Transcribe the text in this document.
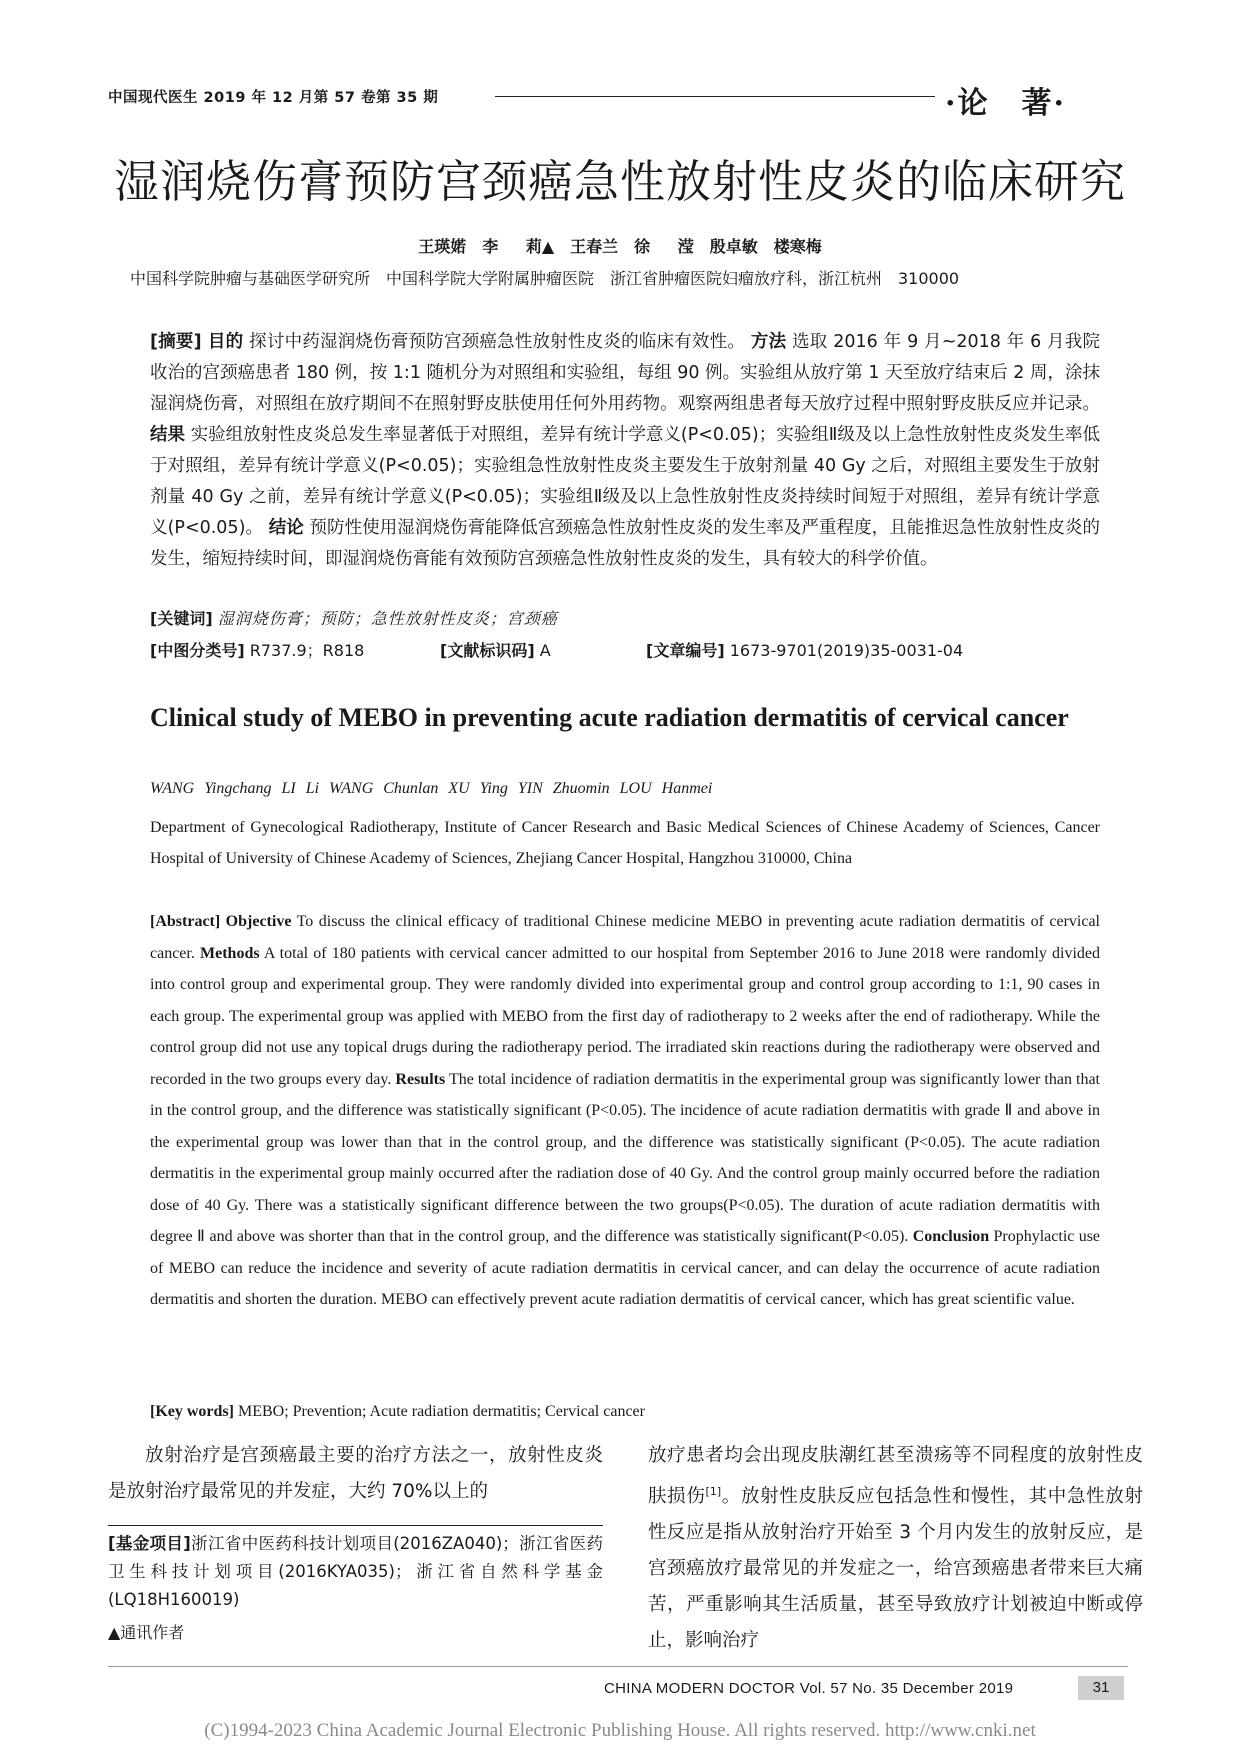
中国现代医生 2019 年 12 月第 57 卷第 35 期	·论　著·
湿润烧伤膏预防宫颈癌急性放射性皮炎的临床研究
王瑛婼　李 莉▲　王春兰　徐 滢　殷卓敏　楼寒梅
中国科学院肿瘤与基础医学研究所　中国科学院大学附属肿瘤医院　浙江省肿瘤医院妇瘤放疗科，浙江杭州　310000
[摘要] 目的 探讨中药湿润烧伤膏预防宫颈癌急性放射性皮炎的临床有效性。 方法 选取 2016 年 9 月~2018 年 6 月我院收治的宫颈癌患者 180 例，按 1:1 随机分为对照组和实验组，每组 90 例。实验组从放疗第 1 天至放疗结束后 2 周，涂抹湿润烧伤膏，对照组在放疗期间不在照射野皮肤使用任何外用药物。观察两组患者每天放疗过程中照射野皮肤反应并记录。 结果 实验组放射性皮炎总发生率显著低于对照组，差异有统计学意义(P<0.05)；实验组Ⅱ级及以上急性放射性皮炎发生率低于对照组，差异有统计学意义(P<0.05)；实验组急性放射性皮炎主要发生于放射剂量 40 Gy 之后，对照组主要发生于放射剂量 40 Gy 之前，差异有统计学意义(P<0.05)；实验组Ⅱ级及以上急性放射性皮炎持续时间短于对照组，差异有统计学意义(P<0.05)。 结论 预防性使用湿润烧伤膏能降低宫颈癌急性放射性皮炎的发生率及严重程度，且能推迟急性放射性皮炎的发生，缩短持续时间，即湿润烧伤膏能有效预防宫颈癌急性放射性皮炎的发生，具有较大的科学价值。
[关键词] 湿润烧伤膏；预防；急性放射性皮炎；宫颈癌
[中图分类号] R737.9；R818	[文献标识码] A	[文章编号] 1673-9701(2019)35-0031-04
Clinical study of MEBO in preventing acute radiation dermatitis of cervical cancer
WANG Yingchang LI Li WANG Chunlan XU Ying YIN Zhuomin LOU Hanmei
Department of Gynecological Radiotherapy, Institute of Cancer Research and Basic Medical Sciences of Chinese Academy of Sciences, Cancer Hospital of University of Chinese Academy of Sciences, Zhejiang Cancer Hospital, Hangzhou 310000, China
[Abstract] Objective To discuss the clinical efficacy of traditional Chinese medicine MEBO in preventing acute radiation dermatitis of cervical cancer. Methods A total of 180 patients with cervical cancer admitted to our hospital from September 2016 to June 2018 were randomly divided into control group and experimental group. They were randomly divided into experimental group and control group according to 1:1, 90 cases in each group. The experimental group was applied with MEBO from the first day of radiotherapy to 2 weeks after the end of radiotherapy. While the control group did not use any topical drugs during the radiotherapy period. The irradiated skin reactions during the radiotherapy were observed and recorded in the two groups every day. Results The total incidence of radiation dermatitis in the experimental group was significantly lower than that in the control group, and the difference was statistically significant (P<0.05). The incidence of acute radiation dermatitis with grade Ⅱ and above in the experimental group was lower than that in the control group, and the difference was statistically significant (P<0.05). The acute radiation dermatitis in the experimental group mainly occurred after the radiation dose of 40 Gy. And the control group mainly occurred before the radiation dose of 40 Gy. There was a statistically significant difference between the two groups(P<0.05). The duration of acute radiation dermatitis with degree Ⅱ and above was shorter than that in the control group, and the difference was statistically significant(P<0.05). Conclusion Prophylactic use of MEBO can reduce the incidence and severity of acute radiation dermatitis in cervical cancer, and can delay the occurrence of acute radiation dermatitis and shorten the duration. MEBO can effectively prevent acute radiation dermatitis of cervical cancer, which has great scientific value.
[Key words] MEBO; Prevention; Acute radiation dermatitis; Cervical cancer
放射治疗是宫颈癌最主要的治疗方法之一，放射性皮炎是放射治疗最常见的并发症，大约 70%以上的
[基金项目]浙江省中医药科技计划项目(2016ZA040)；浙江省医药卫生科技计划项目(2016KYA035)；浙江省自然科学基金(LQ18H160019)
▲通讯作者
放疗患者均会出现皮肤潮红甚至溃疡等不同程度的放射性皮肤损伤[1]。放射性皮肤反应包括急性和慢性，其中急性放射性反应是指从放射治疗开始至 3 个月内发生的放射反应，是宫颈癌放疗最常见的并发症之一，给宫颈癌患者带来巨大痛苦，严重影响其生活质量，甚至导致放疗计划被迫中断或停止，影响治疗
CHINA MODERN DOCTOR Vol. 57 No. 35 December 2019	31
(C)1994-2023 China Academic Journal Electronic Publishing House. All rights reserved. http://www.cnki.net
